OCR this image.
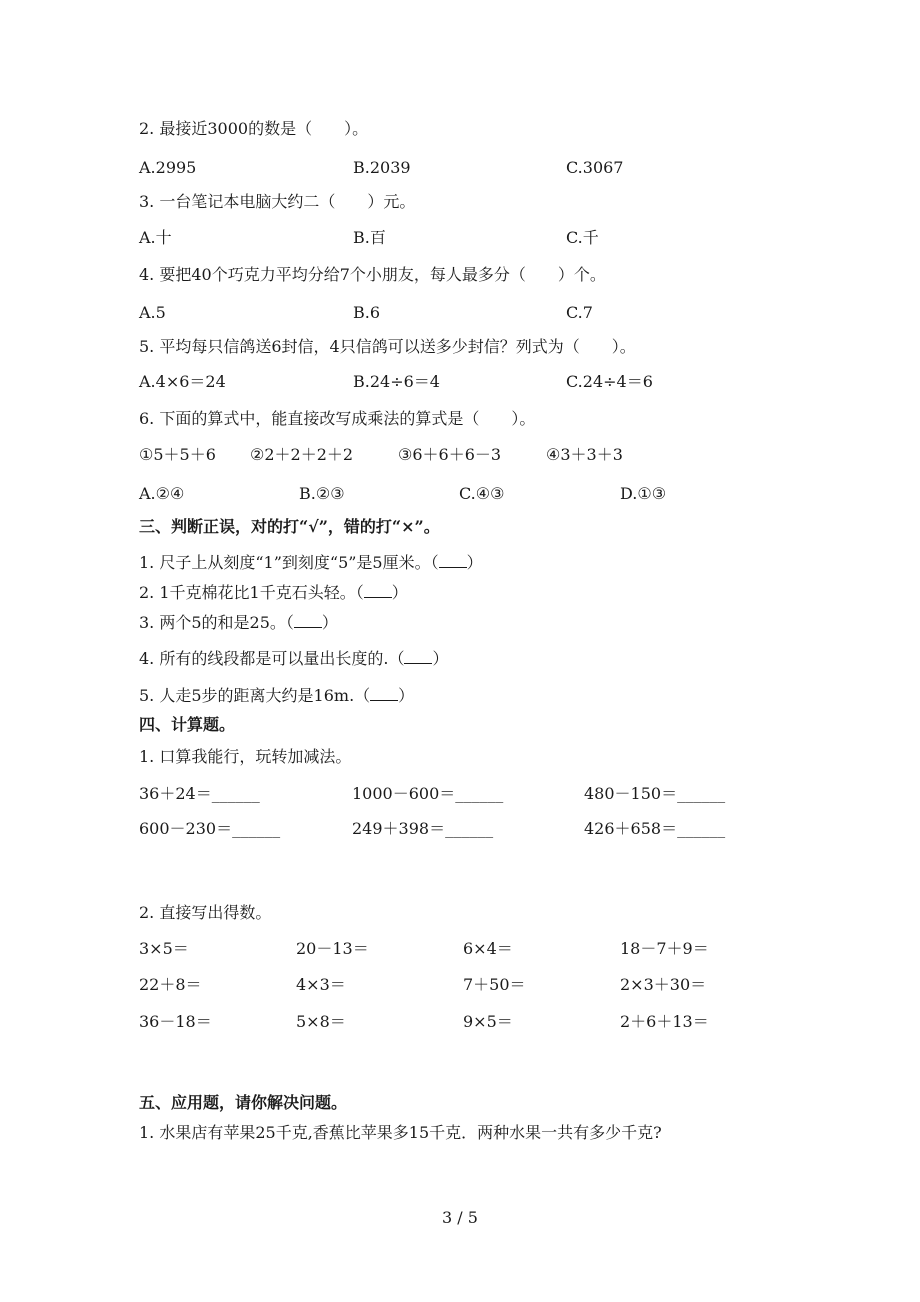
2. 最接近3000的数是（　　）。
A.2995	B.2039	C.3067
3. 一台笔记本电脑大约二（　　）元。
A.十	B.百	C.千
4. 要把40个巧克力平均分给7个小朋友，每人最多分（　　）个。
A.5	B.6	C.7
5. 平均每只信鸽送6封信，4只信鸽可以送多少封信？列式为（　　）。
A.4×6＝24	B.24÷6＝4	C.24÷4＝6
6. 下面的算式中，能直接改写成乘法的算式是（　　）。
①5＋5＋6 ②2＋2＋2＋2	③6＋6＋6－3	④3＋3＋3
A.②④	B.②③	C.④③	D.①③
三、判断正误，对的打“√”，错的打“×”。
1. 尺子上从刻度“1”到刻度“5”是5厘米。（ ）
2. 1千克棉花比1千克石头轻。（ ）
3. 两个5的和是25。（ ）
4. 所有的线段都是可以量出长度的.（ ）
5. 人走5步的距离大约是16m.（ ）
四、计算题。
1. 口算我能行，玩转加减法。
36＋24＝______	1000－600＝______	480－150＝______
600－230＝______	249＋398＝______	426＋658＝______
2. 直接写出得数。
3×5＝	20－13＝	6×4＝	18－7＋9＝
22＋8＝	4×3＝	7＋50＝	2×3＋30＝
36－18＝	5×8＝	9×5＝	2＋6＋13＝
五、应用题，请你解决问题。
1. 水果店有苹果25千克,香蕉比苹果多15千克．两种水果一共有多少千克?
3 / 5
